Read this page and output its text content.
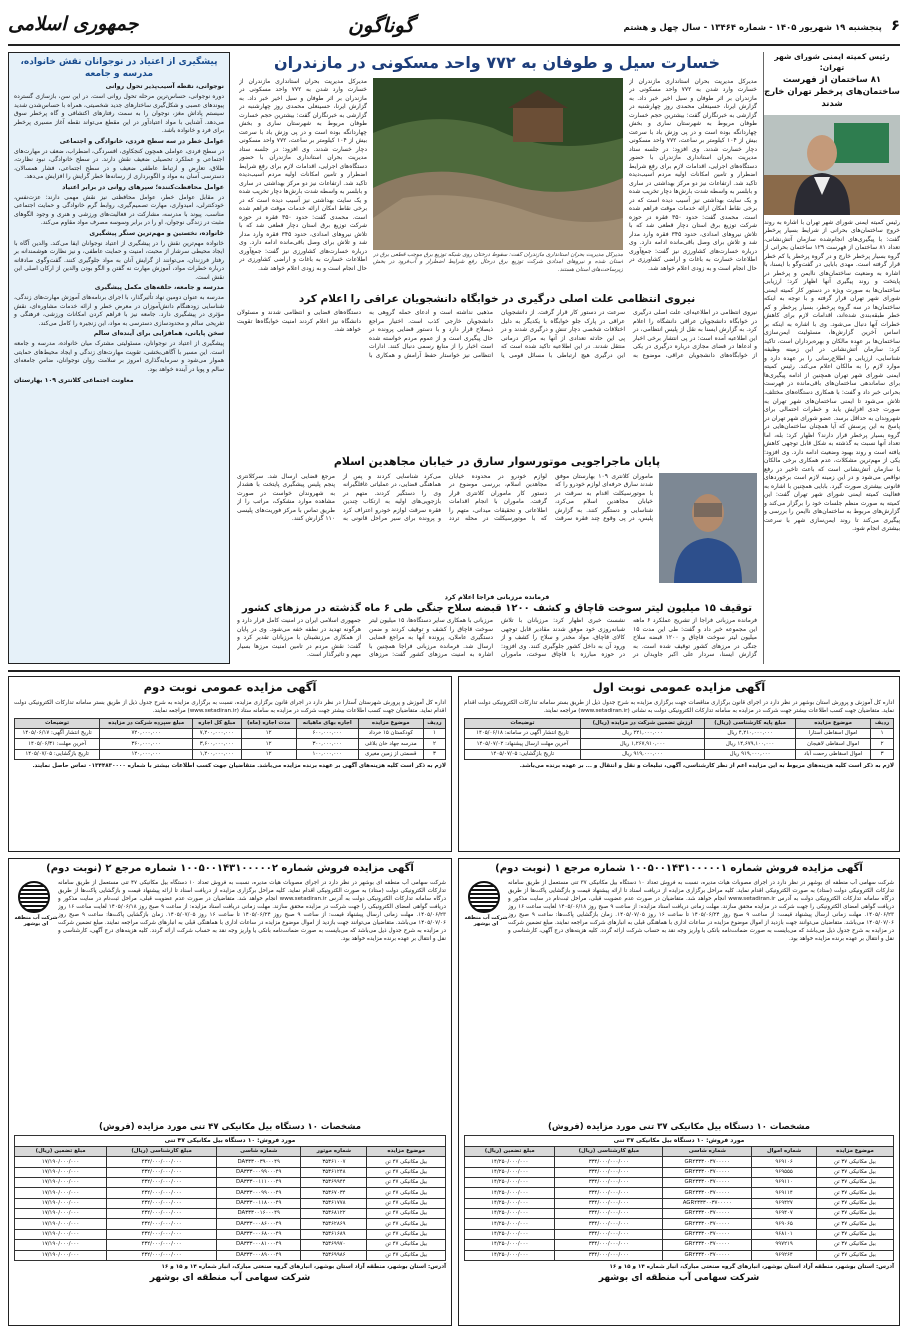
۶ پنجشنبه ۱۹ شهریور ۱۴۰۵ - شماره ۱۳۴۶۴ - سال چهل و هشتم
گوناگون
جمهوری اسلامی
رئیس کمیته ایمنی شورای شهر تهران:
۸۱ ساختمان از فهرست ساختمان‌های پرخطر تهران خارج شدند
رئیس کمیته ایمنی شورای شهر تهران با اشاره به روند خروج ساختمان‌های بحرانی از شرایط بسیار پرخطر گفت: با پیگیری‌های انجام‌شده سازمان آتش‌نشانی، تعداد ۸۱ ساختمان از فهرست ۱۲۹ ساختمان بحرانی از گروه بسیار پرخطر خارج و در گروه پرخطر یا کم خطر قرار گرفته است. مهدی بابایی در گفت‌وگو با ایسنا، با اشاره به وضعیت ساختمان‌های ناایمن و پرخطر در پایتخت و روند پیگیری آنها اظهار کرد: ارزیابی ساختمان‌ها به صورت ویژه در دستور کار کمیته ایمنی شورای شهر تهران قرار گرفته و با توجه به اینکه ساختمان‌ها در سه گروه پرخطر، بسیار پرخطر و کم خطر طبقه‌بندی شده‌اند، اقدامات لازم برای کاهش خطرات آنها دنبال می‌شود. وی با اشاره به اینکه بر اساس آخرین گزارش‌ها، مسئولیت ایمن‌سازی ساختمان‌ها بر عهده مالکان و بهره‌برداران است، تاکید کرد: سازمان آتش‌نشانی در این زمینه وظیفه شناسایی، ارزیابی و اطلاع‌رسانی را بر عهده دارد و موارد لازم را به مالکان اعلام می‌کند. رئیس کمیته ایمنی شورای شهر تهران همچنین از ادامه پیگیری‌ها برای ساماندهی ساختمان‌های باقی‌مانده در فهرست بحرانی خبر داد و گفت: با همکاری دستگاه‌های مختلف، تلاش می‌شود تا ایمنی ساختمان‌های شهر تهران به صورت جدی افزایش یابد و خطرات احتمالی برای شهروندان به حداقل برسد. عضو شورای شهر تهران در پاسخ به این پرسش که آیا همچنان ساختمان‌هایی در گروه بسیار پرخطر قرار دارند؟ اظهار کرد: بله، اما تعداد آنها نسبت به گذشته به شکل قابل توجهی کاهش یافته است و روند بهبود وضعیت ادامه دارد. وی افزود: یکی از مهم‌ترین مشکلات، عدم همکاری برخی مالکان با سازمان آتش‌نشانی است که باعث تاخیر در رفع نواقص می‌شود و در این زمینه لازم است برخوردهای قانونی بیشتری صورت گیرد. بابایی همچنین با اشاره به فعالیت کمیته ایمنی شورای شهر تهران گفت: این کمیته به صورت منظم جلسات خود را برگزار می‌کند و گزارش‌های مربوط به ساختمان‌های ناایمن را بررسی و پیگیری می‌کند تا روند ایمن‌سازی شهر با سرعت بیشتری انجام شود.
خسارت سیل و طوفان به ۷۷۲ واحد مسکونی در مازندران
مدیرکل مدیریت بحران استانداری مازندران از خسارت وارد شدن به ۷۷۲ واحد مسکونی در مازندران بر اثر طوفان و سیل اخیر خبر داد. به گزارش ایرنا، حسینعلی محمدی روز چهارشنبه در گزارشی به خبرنگاران گفت: بیشترین حجم خسارت طوفان مربوط به شهرستان ساری و بخش چهاردانگه بوده است و در پی وزش باد با سرعت بیش از ۱۰۴ کیلومتر بر ساعت، ۷۷۲ واحد مسکونی دچار خسارت شدند. وی افزود: در جلسه ستاد مدیریت بحران استانداری مازندران با حضور دستگاه‌های اجرایی، اقدامات لازم برای رفع شرایط اضطرار و تامین امکانات اولیه مردم آسیب‌دیده تاکید شد. ارتفاعات نیز دو مرکز بهداشتی در ساری و بابلسر به واسطه شدت بارش‌ها دچار تخریب شده و یک سایت بهداشتی نیز آسیب دیده است که در برخی نقاط امکان ارائه خدمات موقت فراهم شده است. محمدی گفت: حدود ۳۵۰ فقره در حوزه شرکت توزیع برق استان دچار قطعی شد که با تلاش نیروهای امدادی، حدود ۳۴۵ فقره وارد مدار شد و تلاش برای وصل باقی‌مانده ادامه دارد. وی درباره خسارت‌های کشاورزی نیز گفت: جمع‌آوری اطلاعات خسارت به باغات و اراضی کشاورزی در حال انجام است و به زودی اعلام خواهد شد.
مدیرکل مدیریت بحران استانداری مازندران گفت: سقوط درختان روی شبکه توزیع برق موجب قطعی برق در استان شده و نیروهای امدادی شرکت توزیع برق درحال رفع شرایط اضطرار و آب‌فرود در بخش زیرساخت‌های استان هستند.
مدیرکل مدیریت بحران استانداری مازندران از خسارت وارد شدن به ۷۷۲ واحد مسکونی در مازندران بر اثر طوفان و سیل اخیر خبر داد. به گزارش ایرنا، حسینعلی محمدی روز چهارشنبه در گزارشی به خبرنگاران گفت: بیشترین حجم خسارت طوفان مربوط به شهرستان ساری و بخش چهاردانگه بوده است و در پی وزش باد با سرعت بیش از ۱۰۴ کیلومتر بر ساعت، ۷۷۲ واحد مسکونی دچار خسارت شدند. وی افزود: در جلسه ستاد مدیریت بحران استانداری مازندران با حضور دستگاه‌های اجرایی، اقدامات لازم برای رفع شرایط اضطرار و تامین امکانات اولیه مردم آسیب‌دیده تاکید شد. ارتفاعات نیز دو مرکز بهداشتی در ساری و بابلسر به واسطه شدت بارش‌ها دچار تخریب شده و یک سایت بهداشتی نیز آسیب دیده است که در برخی نقاط امکان ارائه خدمات موقت فراهم شده است. محمدی گفت: حدود ۳۵۰ فقره در حوزه شرکت توزیع برق استان دچار قطعی شد که با تلاش نیروهای امدادی، حدود ۳۴۵ فقره وارد مدار شد و تلاش برای وصل باقی‌مانده ادامه دارد. وی درباره خسارت‌های کشاورزی نیز گفت: جمع‌آوری اطلاعات خسارت به باغات و اراضی کشاورزی در حال انجام است و به زودی اعلام خواهد شد.
نیروی انتظامی علت اصلی درگیری در خوابگاه دانشجویان عراقی را اعلام کرد
نیروی انتظامی در اطلاعیه‌ای، علت اصلی درگیری در خوابگاه دانشجویان عراقی دانشگاه را اعلام کرد. به گزارش ایسنا به نقل از پلیس انتظامی، در این اطلاعیه آمده است: در پی انتشار برخی اخبار و ادعاها در فضای مجازی درباره درگیری در یکی از خوابگاه‌های دانشجویان عراقی، موضوع به سرعت در دستور کار قرار گرفت. از دانشجویان عراقی در پارک جلو خوابگاه با یکدیگر به دلیل اختلافات شخصی دچار تنش و درگیری شدند و در پی این حادثه تعدادی از آنها به مراکز درمانی منتقل شدند. در این اطلاعیه تاکید شده است که این درگیری هیچ ارتباطی با مسائل قومی یا مذهبی نداشته است و ادعای حمله گروهی به دانشجویان خارجی کذب است. اختیار مراجع ذیصلاح قرار دارد و با دستور قضایی پرونده در حال پیگیری است و از عموم مردم خواسته شده است اخبار را از منابع رسمی دنبال کنند. ادارات انتظامی نیز خواستار حفظ آرامش و همکاری با دستگاه‌های قضایی و انتظامی شدند و مسئولان دانشگاه نیز اعلام کردند امنیت خوابگاه‌ها تقویت خواهد شد.
پایان ماجراجویی موتورسوار سارق در خیابان مجاهدین اسلام
ماموران کلانتری ۱۰۹ بهارستان موفق شدند سارق حرفه‌ای لوازم خودرو را که با موتورسیکلت اقدام به سرقت در خیابان مجاهدین اسلام می‌کرد، شناسایی و دستگیر کنند. به گزارش پلیس، در پی وقوع چند فقره سرقت لوازم خودرو در محدوده خیابان مجاهدین اسلام، بررسی موضوع در دستور کار ماموران کلانتری قرار گرفت. ماموران با انجام اقدامات اطلاعاتی و تحقیقات میدانی، متهم را که با موتورسیکلت در محله تردد می‌کرد شناسایی کردند و پس از هماهنگی قضایی، در عملیاتی غافلگیرانه وی را دستگیر کردند. متهم در بازجویی‌های اولیه به ارتکاب چندین فقره سرقت لوازم خودرو اعتراف کرد و پرونده برای سیر مراحل قانونی به مرجع قضایی ارسال شد. سرکلانتری پنجم پلیس پیشگیری پایتخت با هشدار به شهروندان خواست در صورت مشاهده موارد مشکوک، مراتب را از طریق تماس با مرکز فوریت‌های پلیسی ۱۱۰ گزارش کنند.
فرمانده مرزبانی فراجا اعلام کرد
توقیف ۱۵ میلیون لیتر سوخت قاچاق و کشف ۱۲۰۰ قبضه سلاح جنگی طی ۶ ماه گذشته در مرزهای کشور
فرمانده مرزبانی فراجا از تشریح عملکرد ۶ ماهه این مجموعه خبر داد و گفت: طی این مدت ۱۵ میلیون لیتر سوخت قاچاق و ۱۲۰۰ قبضه سلاح جنگی در مرزهای کشور توقیف شده است. به گزارش ایسنا، سردار علی اکبر جاویدان در نشست خبری اظهار کرد: مرزبانان با تلاش شبانه‌روزی خود موفق شدند مقادیر قابل توجهی کالای قاچاق، مواد مخدر و سلاح را کشف و از ورود آن به داخل کشور جلوگیری کنند. وی افزود: در حوزه مبارزه با قاچاق سوخت، ماموران مرزبانی با همکاری سایر دستگاه‌ها، ۱۵ میلیون لیتر سوخت قاچاق را کشف و توقیف کردند و ضمن دستگیری عاملان، پرونده آنها به مراجع قضایی ارسال شد. فرمانده مرزبانی فراجا همچنین با اشاره به امنیت مرزهای کشور گفت: مرزهای جمهوری اسلامی ایران در امنیت کامل قرار دارد و هرگونه تهدید در نطفه خفه می‌شود. وی در پایان از همکاری مرزنشینان با مرزبانان تقدیر کرد و گفت: نقش مردم در تامین امنیت مرزها بسیار مهم و تاثیرگذار است.
پیشگیری از اعتیاد در نوجوانان نقش خانواده، مدرسه و جامعه
نوجوانی، نقطه آسیب‌پذیر تحول روانی

دوره نوجوانی، حساس‌ترین مرحله تحول روانی است. در این سن، بازسازی گسترده پیوندهای عصبی و شکل‌گیری ساختارهای جدید شخصیتی، همراه با حساس‌شدن شدید سیستم پاداش مغز، نوجوان را به سمت رفتارهای اکتشافی و گاه پرخطر سوق می‌دهد. آشنایی با مواد اعتیادآور در این مقطع می‌تواند نقطه آغاز مسیری پرخطر برای فرد و خانواده باشد.

عوامل خطر در سه سطح فردی، خانوادگی و اجتماعی

در سطح فردی، عواملی همچون کنجکاوی، افسردگی، اضطراب، ضعف در مهارت‌های اجتماعی و عملکرد تحصیلی ضعیف نقش دارند. در سطح خانوادگی، نبود نظارت، طلاق، تعارض و ارتباط عاطفی ضعیف و در سطح اجتماعی، فشار همسالان، دسترسی آسان به مواد و الگوبرداری از رسانه‌ها خطر گرایش را افزایش می‌دهد.

عوامل محافظت‌کننده؛ سپرهای روانی در برابر اعتیاد

در مقابل عوامل خطر، عوامل محافظتی نیز نقش مهمی دارند: عزت‌نفس، خودکنترلی، امیدواری، مهارت تصمیم‌گیری، روابط گرم خانوادگی و حمایت اجتماعی مناسب. پیوند با مدرسه، مشارکت در فعالیت‌های ورزشی و هنری و وجود الگوهای مثبت در زندگی نوجوان، او را در برابر وسوسه مصرف مواد مقاوم می‌کند.

خانواده، نخستین و مهم‌ترین سنگر پیشگیری

خانواده مهم‌ترین نقش را در پیشگیری از اعتیاد نوجوانان ایفا می‌کند. والدین آگاه با ایجاد محیطی سرشار از محبت، امنیت و حمایت عاطفی، و نیز نظارت هوشمندانه بر رفتار فرزندان، می‌توانند از گرایش آنان به مواد جلوگیری کنند. گفت‌وگوی صادقانه درباره خطرات مواد، آموزش مهارت نه گفتن و الگو بودن والدین از ارکان اصلی این نقش است.

مدرسه و جامعه، حلقه‌های مکمل پیشگیری

مدرسه به عنوان دومین نهاد تأثیرگذار، با اجرای برنامه‌های آموزش مهارت‌های زندگی، شناسایی زودهنگام دانش‌آموزان در معرض خطر و ارائه خدمات مشاوره‌ای، نقش مؤثری در پیشگیری دارد. جامعه نیز با فراهم کردن امکانات ورزشی، فرهنگی و تفریحی سالم و محدودسازی دسترسی به مواد، این زنجیره را کامل می‌کند.

سخن پایانی، همافزایی برای آینده‌ای سالم

پیشگیری از اعتیاد در نوجوانان، مسئولیتی مشترک میان خانواده، مدرسه و جامعه است. این مسیر با آگاهی‌بخشی، تقویت مهارت‌های زندگی و ایجاد محیط‌های حمایتی هموار می‌شود و سرمایه‌گذاری امروز بر سلامت روان نوجوانان، ضامن جامعه‌ای سالم و پویا در آینده خواهد بود.

معاونت اجتماعی کلانتری ۱۰۹ بهارستان
آگهی مزایده عمومی نوبت اول
اداره کل آموزش و پرورش استان بوشهر در نظر دارد در اجرای قانون برگزاری مناقصات جهت برگزاری مزایده به شرح جدول ذیل از طریق بستر سامانه تدارکات الکترونیکی دولت اقدام نماید. متقاضیان جهت کسب اطلاعات بیشتر جهت شرکت در مزایده به سامانه تدارکات الکترونیکی دولت به نشانی (www.setadiran.ir) مراجعه نمایند.
ردیف	موضوع مزایده	مبلغ پایه کارشناسی (ریال)	ارزش تضمین شرکت در مزایده (ریال)	توضیحات
۱	اموال اسقاطی آستارا	۴,۲۱۰,۰۰۰,۰۰۰ ریال	۲۲۱,۰۰۰,۰۰۰ ریال	تاریخ انتشار آگهی در سامانه: ۱۴۰۵/۰۶/۱۸
۲	اموال اسقاطی لاهیجان	۱۴,۶۷۹,۱۰۰,۰۰۰ ریال	۱,۲۶۷,۹۱۰,۰۰۰ ریال	آخرین مهلت ارسال پیشنهاد: ۱۴۰۵/۰۷/۰۲
۳	اموال اسقاطی رحمت آباد	۹۱۹,۰۰۰,۰۰۰ ریال	۹۱۹,۰۰۰,۰۰۰ ریال	تاریخ بازگشایی: ۱۴۰۵/۰۷/۰۵
لازم به ذکر است کلیه هزینه‌های مربوط به این مزایده اعم از نظر کارشناسی، آگهی، تبلیغات و نقل و انتقال و ... بر عهده برنده می‌باشد.
آگهی مزایده عمومی نوبت دوم
اداره کل آموزش و پرورش شهرستان آستارا در نظر دارد در اجرای قانون برگزاری مزایده، نسبت به برگزاری مزایده به شرح جدول ذیل از طریق بستر سامانه تدارکات الکترونیکی دولت اقدام نماید. متقاضیان جهت کسب اطلاعات بیشتر جهت شرکت در مزایده به سامانه ستاد (www.setadiran.ir) مراجعه نمایند.
ردیف	موضوع مزایده	اجاره بهای ماهیانه	مدت اجاره (ماه)	مبلغ کل اجاره	مبلغ سپرده شرکت در مزایده	توضیحات
۱	کودکستان ۱۵ خرداد	۶۰۰,۰۰۰,۰۰۰	۱۲	۷,۲۰۰,۰۰۰,۰۰۰	۷۲۰,۰۰۰,۰۰۰	تاریخ انتشار آگهی: ۱۴۰۵/۰۶/۱۷
۲	مدرسه جهاد خان بلاغی	۳۰۰,۰۰۰,۰۰۰	۱۲	۳,۶۰۰,۰۰۰,۰۰۰	۳۶۰,۰۰۰,۰۰۰	آخرین مهلت: ۱۴۰۵/۰۶/۳۱
۳	قسمتی از زمین مغیری	۱۰۰,۰۰۰,۰۰۰	۱۲	۱,۲۰۰,۰۰۰,۰۰۰	۱۲۰,۰۰۰,۰۰۰	تاریخ بازگشایی: ۱۴۰۵/۰۷/۰۵
لازم به ذکر است کلیه هزینه‌های آگهی بر عهده برنده مزایده می‌باشد. متقاضیان جهت کسب اطلاعات بیشتر با شماره ۰۱۳۴۴۸۳۰۰۰۰ تماس حاصل نمایند.
آگهی مزایده فروش شماره ۱۰۰۵۰۰۱۴۳۱۰۰۰۰۰۱ شماره مرجع ۱ (نوبت دوم)
شرکت آب منطقه ای بوشهر
شرکت سهامی آب منطقه ای بوشهر در نظر دارد در اجرای مصوبات هیات مدیره، نسبت به فروش تعداد ۱۰ دستگاه بیل مکانیکی ۳۷ تنی مستعمل از طریق سامانه تدارکات الکترونیکی دولت (ستاد) به صورت الکترونیکی اقدام نماید. کلیه مراحل برگزاری مزایده از دریافت اسناد تا ارائه پیشنهاد قیمت و بازگشایی پاکت‌ها از طریق درگاه سامانه تدارکات الکترونیکی دولت به آدرس www.setadiran.ir انجام خواهد شد. متقاضیان در صورت عدم عضویت قبلی، مراحل ثبت‌نام در سایت مذکور و دریافت گواهی امضای الکترونیکی را جهت شرکت در مزایده محقق سازند. مهلت زمانی دریافت اسناد مزایده: از ساعت ۹ صبح روز ۱۴۰۵/۰۶/۱۸ لغایت ساعت ۱۶ روز ۱۴۰۵/۰۶/۲۳. مهلت زمانی ارسال پیشنهاد قیمت: از ساعت ۹ صبح روز ۱۴۰۵/۰۶/۲۴ تا ساعت ۱۶ روز ۱۴۰۵/۰۷/۰۵. زمان بازگشایی پاکت‌ها: ساعت ۹ صبح روز ۱۴۰۵/۰۷/۰۶ می‌باشد. متقاضیان می‌توانند جهت بازدید از اموال موضوع مزایده در ساعات اداری با هماهنگی قبلی به انبارهای شرکت مراجعه نمایند. مبلغ تضمین شرکت در مزایده به شرح جدول ذیل می‌باشد که می‌بایست به صورت ضمانت‌نامه بانکی یا واریز وجه نقد به حساب شرکت ارائه گردد. کلیه هزینه‌های درج آگهی، کارشناسی و نقل و انتقال بر عهده برنده مزایده خواهد بود.
مشخصات ۱۰ دستگاه بیل مکانیکی ۳۷ تنی مورد مزایده (فروش)
مورد فروش: ۱۰ دستگاه بیل مکانیکی ۳۷ تنی
موضوع مزایده	شماره اموال	شماره شاسی	مبلغ کارشناسی (ریال)	مبلغ تضمین (ریال)
بیل مکانیکی ۳۷ تن	۹۶۹۱۰۶	GR۴۳۳۳۰۰۳۷۰۰۰۰۰	۳۳۴/۰۰۰/۰۰۰/۰۰۰	۱۴/۲۵۰/۰۰۰/۰۰۰
بیل مکانیکی ۳۷ تن	۹۶۹۵۵۵	GR۴۳۳۳۰۰۳۷۰۰۰۰۰	۳۳۴/۰۰۰/۰۰۰/۰۰۰	۱۴/۲۵۰/۰۰۰/۰۰۰
بیل مکانیکی ۳۷ تن	۹۶۹۱۱۰	GR۴۳۳۳۰۰۳۷۰۰۰۰۰	۳۳۴/۰۰۰/۰۰۰/۰۰۰	۱۴/۲۵۰/۰۰۰/۰۰۰
بیل مکانیکی ۳۷ تن	۹۶۹۱۱۴	GR۴۳۳۳۰۰۳۷۰۰۰۰۰	۳۳۴/۰۰۰/۰۰۰/۰۰۰	۱۴/۲۵۰/۰۰۰/۰۰۰
بیل مکانیکی ۳۷ تن	۹۶۹۴۲۷	AGR۴۳۳۳۰۰۳۷۰۰۰۰۰	۳۳۴/۰۰۰/۰۰۰/۰۰۰	۱۴/۲۵۰/۰۰۰/۰۰۰
بیل مکانیکی ۳۷ تن	۹۶۹۴۰۷	GR۴۳۳۳۰۰۳۷۰۰۰۰۰	۳۳۴/۰۰۰/۰۰۰/۰۰۰	۱۴/۲۵۰/۰۰۰/۰۰۰
بیل مکانیکی ۳۷ تن	۹۶۹۰۶۵	GR۴۳۳۳۰۰۳۷۰۰۰۰۰	۳۳۴/۰۰۰/۰۰۰/۰۰۰	۱۴/۲۵۰/۰۰۰/۰۰۰
بیل مکانیکی ۳۷ تن	۹۶۸۱۰۱	GR۴۳۳۳۰۰۳۷۰۰۰۰۰	۳۳۴/۰۰۰/۰۰۰/۰۰۰	۱۴/۲۵۰/۰۰۰/۰۰۰
بیل مکانیکی ۳۷ تن	۹۹۷۲۱۹	GR۴۳۳۳۰۰۳۷۰۰۰۰۰	۳۳۴/۰۰۰/۰۰۰/۰۰۰	۱۴/۲۵۰/۰۰۰/۰۰۰
بیل مکانیکی ۳۷ تن	۹۶۹۲۶۴	GR۴۳۳۳۰۰۳۷۰۰۰۰۰	۳۳۴/۰۰۰/۰۰۰/۰۰۰	۱۴/۲۵۰/۰۰۰/۰۰۰
آدرس: استان بوشهر، منطقه آزاد استان بوشهر، انبارهای گروه صنعتی مبارک، انبار شماره ۱۴ و ۱۵ و ۱۶
شرکت سهامی آب منطقه ای بوشهر
آگهی مزایده فروش شماره ۱۰۰۵۰۰۱۴۳۱۰۰۰۰۰۲ شماره مرجع ۲ (نوبت دوم)
شرکت آب منطقه ای بوشهر
شرکت سهامی آب منطقه ای بوشهر در نظر دارد در اجرای مصوبات هیات مدیره، نسبت به فروش تعداد ۱۰ دستگاه بیل مکانیکی ۴۷ تنی مستعمل از طریق سامانه تدارکات الکترونیکی دولت (ستاد) به صورت الکترونیکی اقدام نماید. کلیه مراحل برگزاری مزایده از دریافت اسناد تا ارائه پیشنهاد قیمت و بازگشایی پاکت‌ها از طریق درگاه سامانه تدارکات الکترونیکی دولت به آدرس www.setadiran.ir انجام خواهد شد. متقاضیان در صورت عدم عضویت قبلی، مراحل ثبت‌نام در سایت مذکور و دریافت گواهی امضای الکترونیکی را جهت شرکت در مزایده محقق سازند. مهلت زمانی دریافت اسناد مزایده: از ساعت ۹ صبح روز ۱۴۰۵/۰۶/۱۸ لغایت ساعت ۱۶ روز ۱۴۰۵/۰۶/۲۳. مهلت زمانی ارسال پیشنهاد قیمت: از ساعت ۹ صبح روز ۱۴۰۵/۰۶/۲۴ تا ساعت ۱۶ روز ۱۴۰۵/۰۷/۰۵. زمان بازگشایی پاکت‌ها: ساعت ۹ صبح روز ۱۴۰۵/۰۷/۰۶ می‌باشد. متقاضیان می‌توانند جهت بازدید از اموال موضوع مزایده در ساعات اداری با هماهنگی قبلی به انبارهای شرکت مراجعه نمایند. مبلغ تضمین شرکت در مزایده به شرح جدول ذیل می‌باشد که می‌بایست به صورت ضمانت‌نامه بانکی یا واریز وجه نقد به حساب شرکت ارائه گردد. کلیه هزینه‌های درج آگهی، کارشناسی و نقل و انتقال بر عهده برنده مزایده خواهد بود.
مشخصات ۱۰ دستگاه بیل مکانیکی ۴۷ تنی مورد مزایده (فروش)
مورد فروش: ۱۰ دستگاه بیل مکانیکی ۴۷ تنی
موضوع مزایده	شماره موتور	شماره شاسی	مبلغ کارشناسی (ریال)	مبلغ تضمین (ریال)
بیل مکانیکی ۴۷ تن	۳۵۳۶۱۰۰۷	DA۳۳۳۰۰۳۹۰۰۰۴۹	۴۳۲/۰۰۰/۰۰۰/۰۰۰	۱۷/۱۹۰/۰۰۰/۰۰۰
بیل مکانیکی ۴۷ تن	۳۵۳۶۱۲۴۸	DA۳۳۳۰۰۰۹۹۰۰۰۴۹	۴۳۲/۰۰۰/۰۰۰/۰۰۰	۱۷/۱۹۰/۰۰۰/۰۰۰
بیل مکانیکی ۴۷ تن	۳۵۳۶۹۹۴۴	DA۳۳۳۰۰۱۱۱۰۰۰۴۹	۴۳۲/۰۰۰/۰۰۰/۰۰۰	۱۷/۱۹۰/۰۰۰/۰۰۰
بیل مکانیکی ۴۷ تن	۳۵۳۶۷۰۳۴	DA۳۳۳۰۰۰۹۹۰۰۰۴۹	۴۳۲/۰۰۰/۰۰۰/۰۰۰	۱۷/۱۹۰/۰۰۰/۰۰۰
بیل مکانیکی ۴۷ تن	۳۵۳۶۱۷۷۸	DA۳۳۳۰۰۱۱۸۰۰۰۴۹	۴۳۲/۰۰۰/۰۰۰/۰۰۰	۱۷/۱۹۰/۰۰۰/۰۰۰
بیل مکانیکی ۴۷ تن	۳۵۳۶۸۱۲۲	DA۳۳۳۰۰۱۶۰۰۰۴۹	۴۳۲/۰۰۰/۰۰۰/۰۰۰	۱۷/۱۹۰/۰۰۰/۰۰۰
بیل مکانیکی ۴۷ تن	۳۵۳۶۲۸۶۹	DA۳۳۳۰۰۰۸۶۰۰۰۴۹	۴۳۲/۰۰۰/۰۰۰/۰۰۰	۱۷/۱۹۰/۰۰۰/۰۰۰
بیل مکانیکی ۴۷ تن	۳۵۳۶۱۶۸۹	DA۳۳۳۰۰۰۶۸۰۰۰۴۹	۴۳۲/۰۰۰/۰۰۰/۰۰۰	۱۷/۱۹۰/۰۰۰/۰۰۰
بیل مکانیکی ۴۷ تن	۳۵۳۶۹۹۷۰	DA۳۳۳۰۰۰۸۱۰۰۰۴۹	۴۳۲/۰۰۰/۰۰۰/۰۰۰	۱۷/۱۹۰/۰۰۰/۰۰۰
بیل مکانیکی ۴۷ تن	۳۵۳۶۹۹۸۶	DA۳۳۳۰۰۰۸۹۰۰۰۴۹	۴۳۲/۰۰۰/۰۰۰/۰۰۰	۱۷/۱۹۰/۰۰۰/۰۰۰
آدرس: استان بوشهر، منطقه آزاد استان بوشهر، انبارهای گروه صنعتی مبارک، انبار شماره ۱۴ و ۱۵ و ۱۶
شرکت سهامی آب منطقه ای بوشهر
